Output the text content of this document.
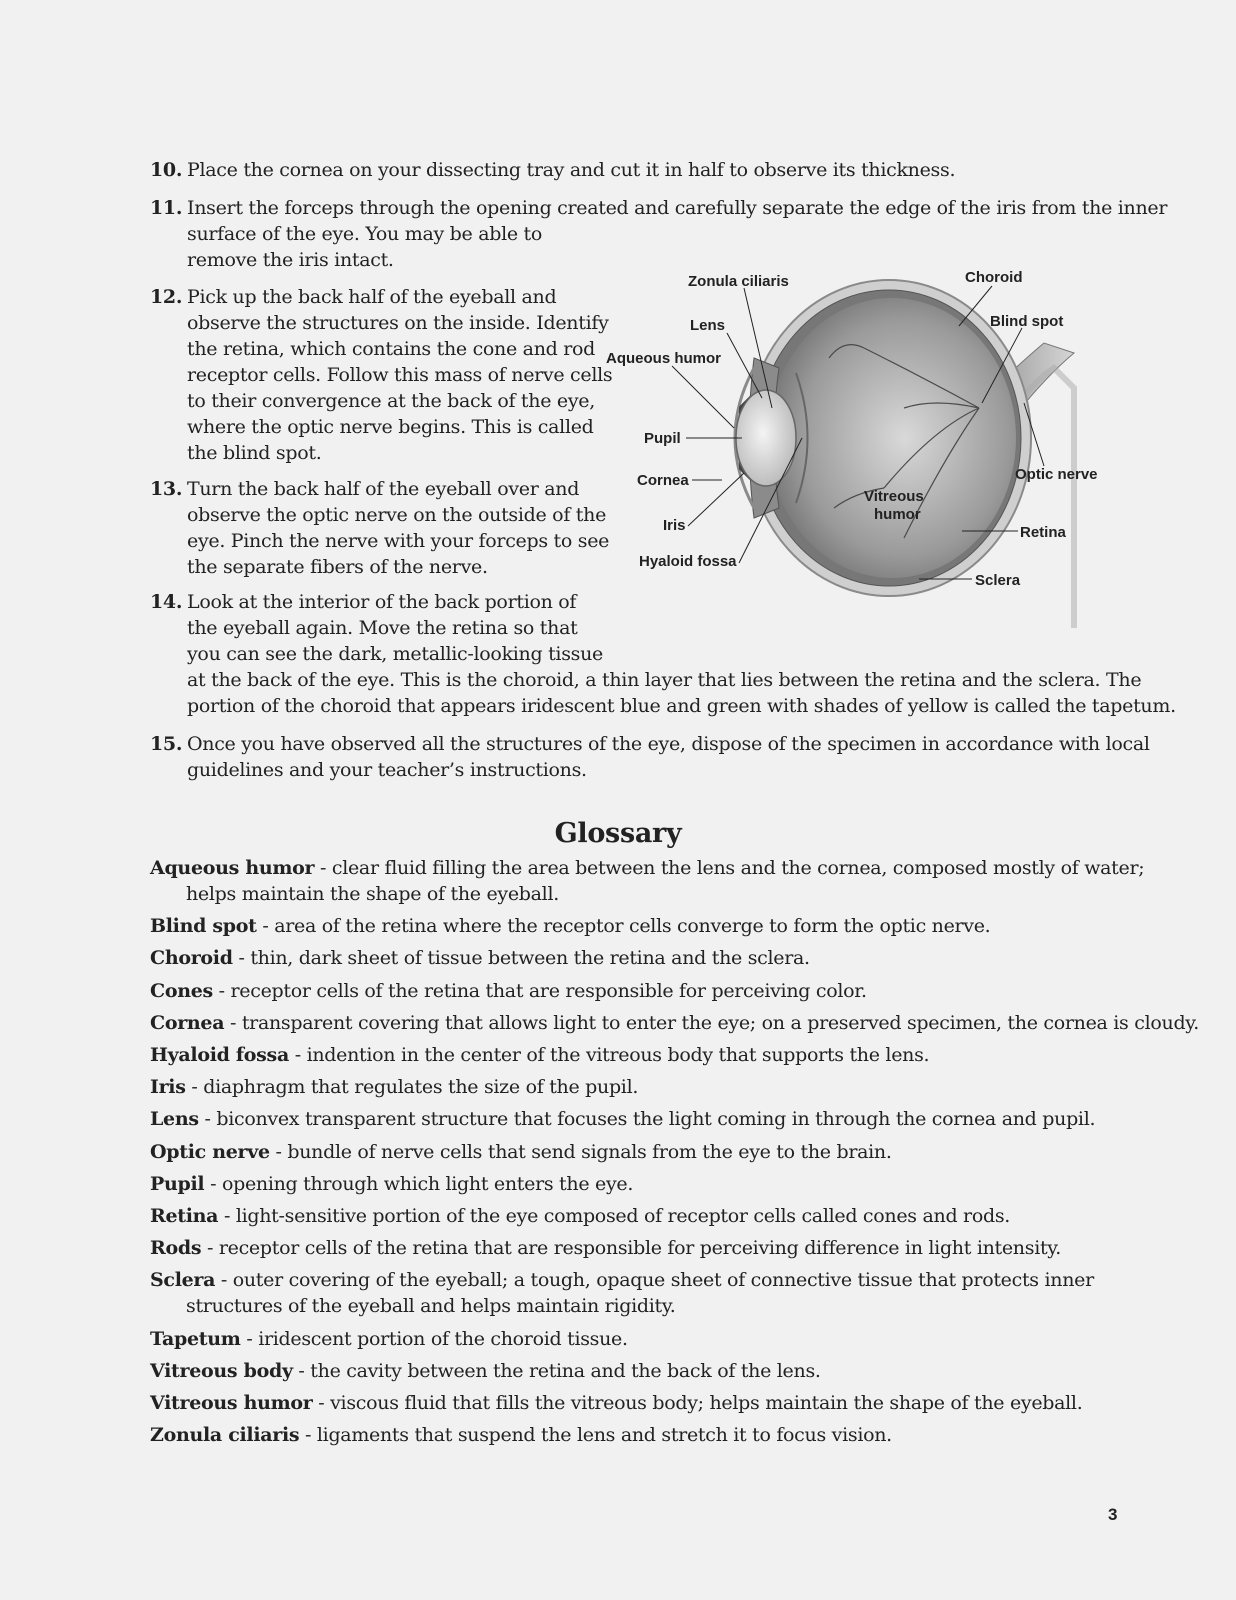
10. Place the cornea on your dissecting tray and cut it in half to observe its thickness.
11. Insert the forceps through the opening created and carefully separate the edge of the iris from the inner
surface of the eye. You may be able to
remove the iris intact.
12. Pick up the back half of the eyeball and
observe the structures on the inside. Identify
the retina, which contains the cone and rod
receptor cells. Follow this mass of nerve cells
to their convergence at the back of the eye,
where the optic nerve begins. This is called
the blind spot.
13. Turn the back half of the eyeball over and
observe the optic nerve on the outside of the
eye. Pinch the nerve with your forceps to see
the separate fibers of the nerve.
14. Look at the interior of the back portion of
the eyeball again. Move the retina so that
you can see the dark, metallic-looking tissue
at the back of the eye. This is the choroid, a thin layer that lies between the retina and the sclera. The
portion of the choroid that appears iridescent blue and green with shades of yellow is called the tapetum.
15. Once you have observed all the structures of the eye, dispose of the specimen in accordance with local
guidelines and your teacher’s instructions.
Zonula ciliaris	Choroid
Lens	Blind spot
Aqueous humor
Pupil
Cornea	Optic nerve
Vitreous
humor
Iris	Retina
Hyaloid fossa
Sclera
Glossary
Aqueous humor - clear fluid filling the area between the lens and the cornea, composed mostly of water;
helps maintain the shape of the eyeball.
Blind spot - area of the retina where the receptor cells converge to form the optic nerve.
Choroid - thin, dark sheet of tissue between the retina and the sclera.
Cones - receptor cells of the retina that are responsible for perceiving color.
Cornea - transparent covering that allows light to enter the eye; on a preserved specimen, the cornea is cloudy.
Hyaloid fossa - indention in the center of the vitreous body that supports the lens.
Iris - diaphragm that regulates the size of the pupil.
Lens - biconvex transparent structure that focuses the light coming in through the cornea and pupil.
Optic nerve - bundle of nerve cells that send signals from the eye to the brain.
Pupil - opening through which light enters the eye.
Retina - light-sensitive portion of the eye composed of receptor cells called cones and rods.
Rods - receptor cells of the retina that are responsible for perceiving difference in light intensity.
Sclera - outer covering of the eyeball; a tough, opaque sheet of connective tissue that protects inner
structures of the eyeball and helps maintain rigidity.
Tapetum - iridescent portion of the choroid tissue.
Vitreous body - the cavity between the retina and the back of the lens.
Vitreous humor - viscous fluid that fills the vitreous body; helps maintain the shape of the eyeball.
Zonula ciliaris - ligaments that suspend the lens and stretch it to focus vision.
3
